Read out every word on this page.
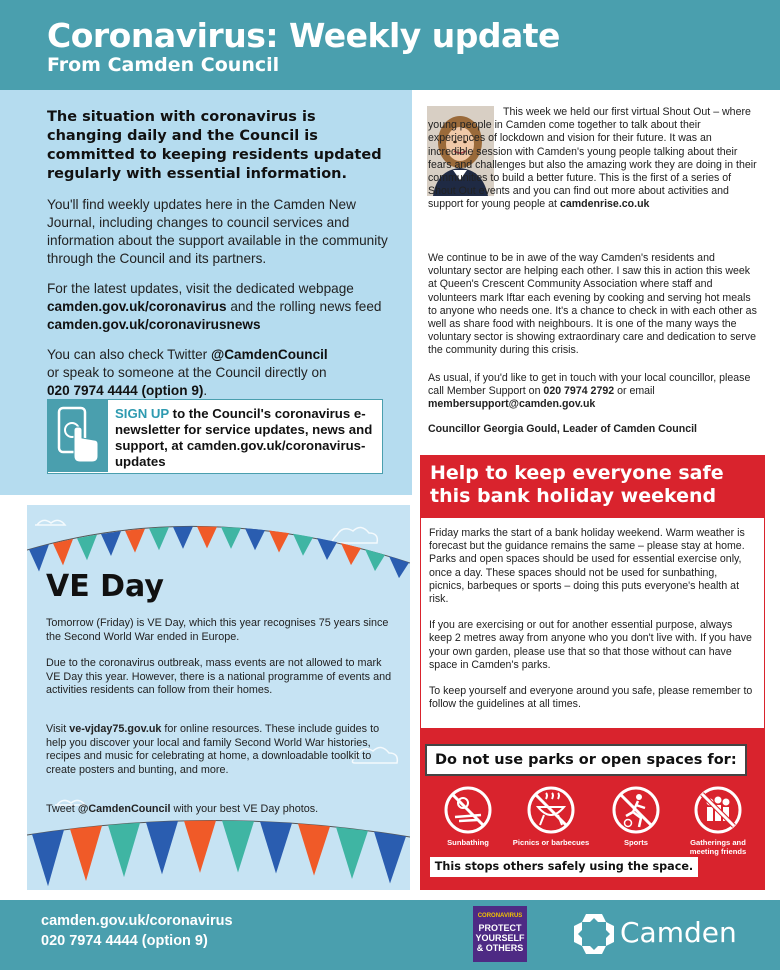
Coronavirus: Weekly update
From Camden Council
The situation with coronavirus is changing daily and the Council is committed to keeping residents updated regularly with essential information.

You'll find weekly updates here in the Camden New Journal, including changes to council services and information about the support available in the community through the Council and its partners.

For the latest updates, visit the dedicated webpage
camden.gov.uk/coronavirus and the rolling news feed
camden.gov.uk/coronavirusnews

You can also check Twitter @CamdenCouncil
or speak to someone at the Council directly on
020 7974 4444 (option 9).

SIGN UP to the Council's coronavirus e-newsletter for service updates, news and support, at camden.gov.uk/coronavirus-updates

This week we held our first virtual Shout Out – where young people in Camden come together to talk about their experiences of lockdown and vision for their future. It was an incredible session with Camden's young people talking about their fears and challenges but also the amazing work they are doing in their communities to build a better future. This is the first of a series of Shout Out events and you can find out more about activities and support for young people at camdenrise.co.uk

We continue to be in awe of the way Camden's residents and voluntary sector are helping each other. I saw this in action this week at Queen's Crescent Community Association where staff and volunteers mark Iftar each evening by cooking and serving hot meals to anyone who needs one. It's a chance to check in with each other as well as share food with neighbours. It is one of the many ways the voluntary sector is showing extraordinary care and dedication to serve the community during this crisis.

As usual, if you'd like to get in touch with your local councillor, please call Member Support on 020 7974 2792 or email membersupport@camden.gov.uk

Councillor Georgia Gould, Leader of Camden Council

VE Day

Tomorrow (Friday) is VE Day, which this year recognises 75 years since the Second World War ended in Europe.

Due to the coronavirus outbreak, mass events are not allowed to mark VE Day this year. However, there is a national programme of events and activities residents can follow from their homes.

Visit ve-vjday75.gov.uk for online resources. These include guides to help you discover your local and family Second World War histories, recipes and music for celebrating at home, a downloadable toolkit to create posters and bunting, and more.

Tweet @CamdenCouncil with your best VE Day photos.

Help to keep everyone safe this bank holiday weekend

Friday marks the start of a bank holiday weekend. Warm weather is forecast but the guidance remains the same – please stay at home. Parks and open spaces should be used for essential exercise only, once a day. These spaces should not be used for sunbathing, picnics, barbeques or sports – doing this puts everyone's health at risk.

If you are exercising or out for another essential purpose, always keep 2 metres away from anyone who you don't live with. If you have your own garden, please use that so that those without can have space in Camden's parks.

To keep yourself and everyone around you safe, please remember to follow the guidelines at all times.

Do not use parks or open spaces for:
Sunbathing	Picnics or barbecues	Sports	Gatherings and meeting friends
This stops others safely using the space.
camden.gov.uk/coronavirus
020 7974 4444 (option 9)
CORONAVIRUS
PROTECT YOURSELF & OTHERS	Camden
